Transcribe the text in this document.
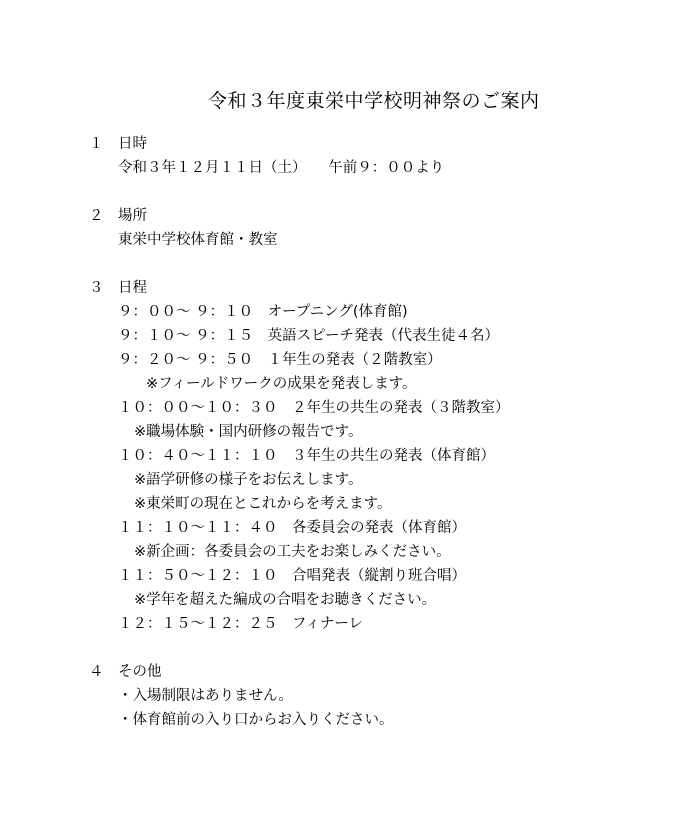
令和３年度東栄中学校明神祭のご案内
１ 日時
令和３年１２月１１日（土）　　午前９：００より
２ 場所
東栄中学校体育館・教室
３ 日程
９：００～ ９：１０　オープニング(体育館)
９：１０～ ９：１５　英語スピーチ発表（代表生徒４名）
９：２０～ ９：５０　１年生の発表（２階教室）
※フィールドワークの成果を発表します。
１０：００～１０：３０　２年生の共生の発表（３階教室）
※職場体験・国内研修の報告です。
１０：４０～１１：１０　３年生の共生の発表（体育館）
※語学研修の様子をお伝えします。
※東栄町の現在とこれからを考えます。
１１：１０～１１：４０　各委員会の発表（体育館）
※新企画：各委員会の工夫をお楽しみください。
１１：５０～１２：１０　合唱発表（縦割り班合唱）
※学年を超えた編成の合唱をお聴きください。
１２：１５～１２：２５　フィナーレ
４ その他
・入場制限はありません。
・体育館前の入り口からお入りください。
